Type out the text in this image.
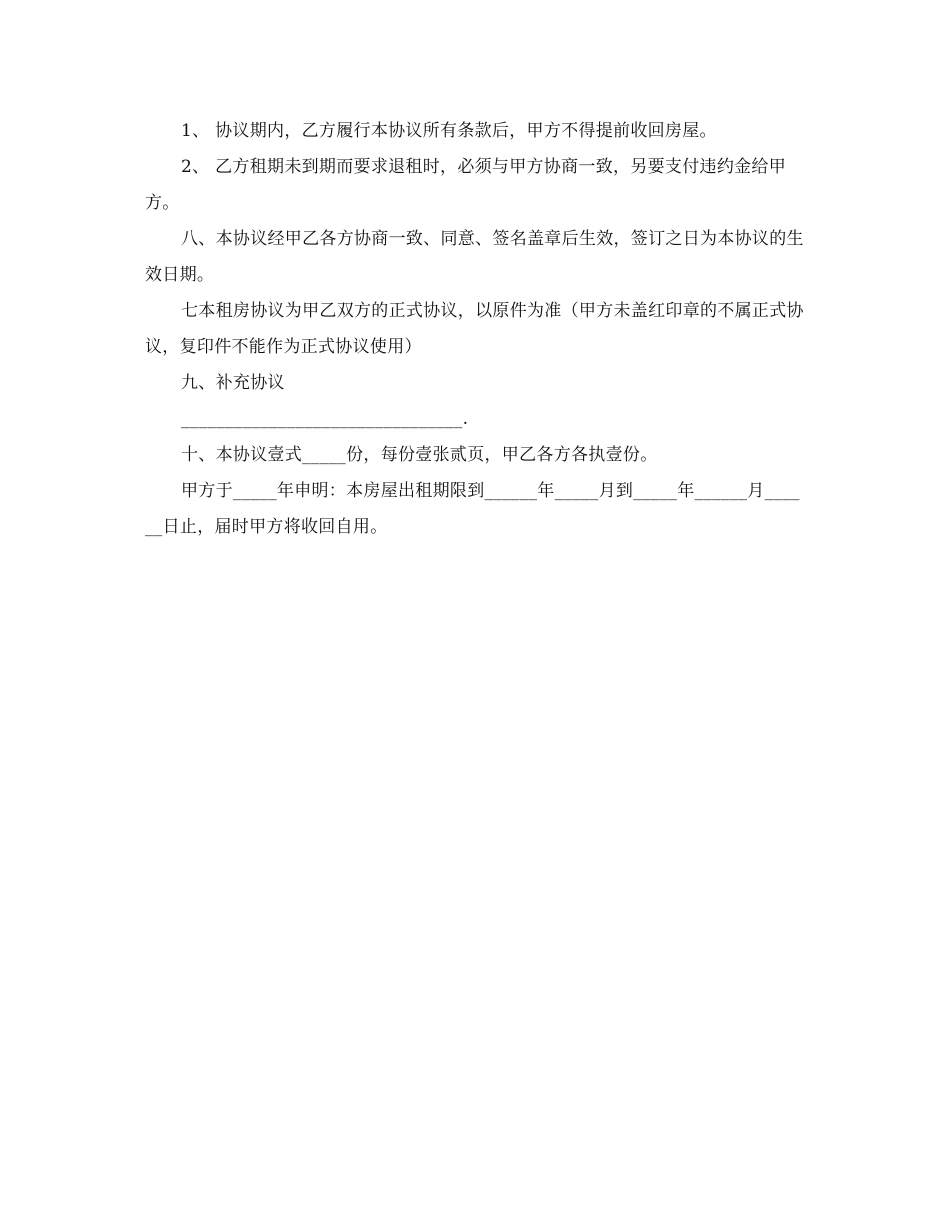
1、 协议期内，乙方履行本协议所有条款后，甲方不得提前收回房屋。

2、 乙方租期未到期而要求退租时，必须与甲方协商一致，另要支付违约金给甲方。

八、本协议经甲乙各方协商一致、同意、签名盖章后生效，签订之日为本协议的生效日期。

七本租房协议为甲乙双方的正式协议，以原件为准（甲方未盖红印章的不属正式协议，复印件不能作为正式协议使用）

九、补充协议

________________________________.

十、本协议壹式_____份，每份壹张贰页，甲乙各方各执壹份。

甲方于_____年申明：本房屋出租期限到______年_____月到_____年______月______日止，届时甲方将收回自用。
